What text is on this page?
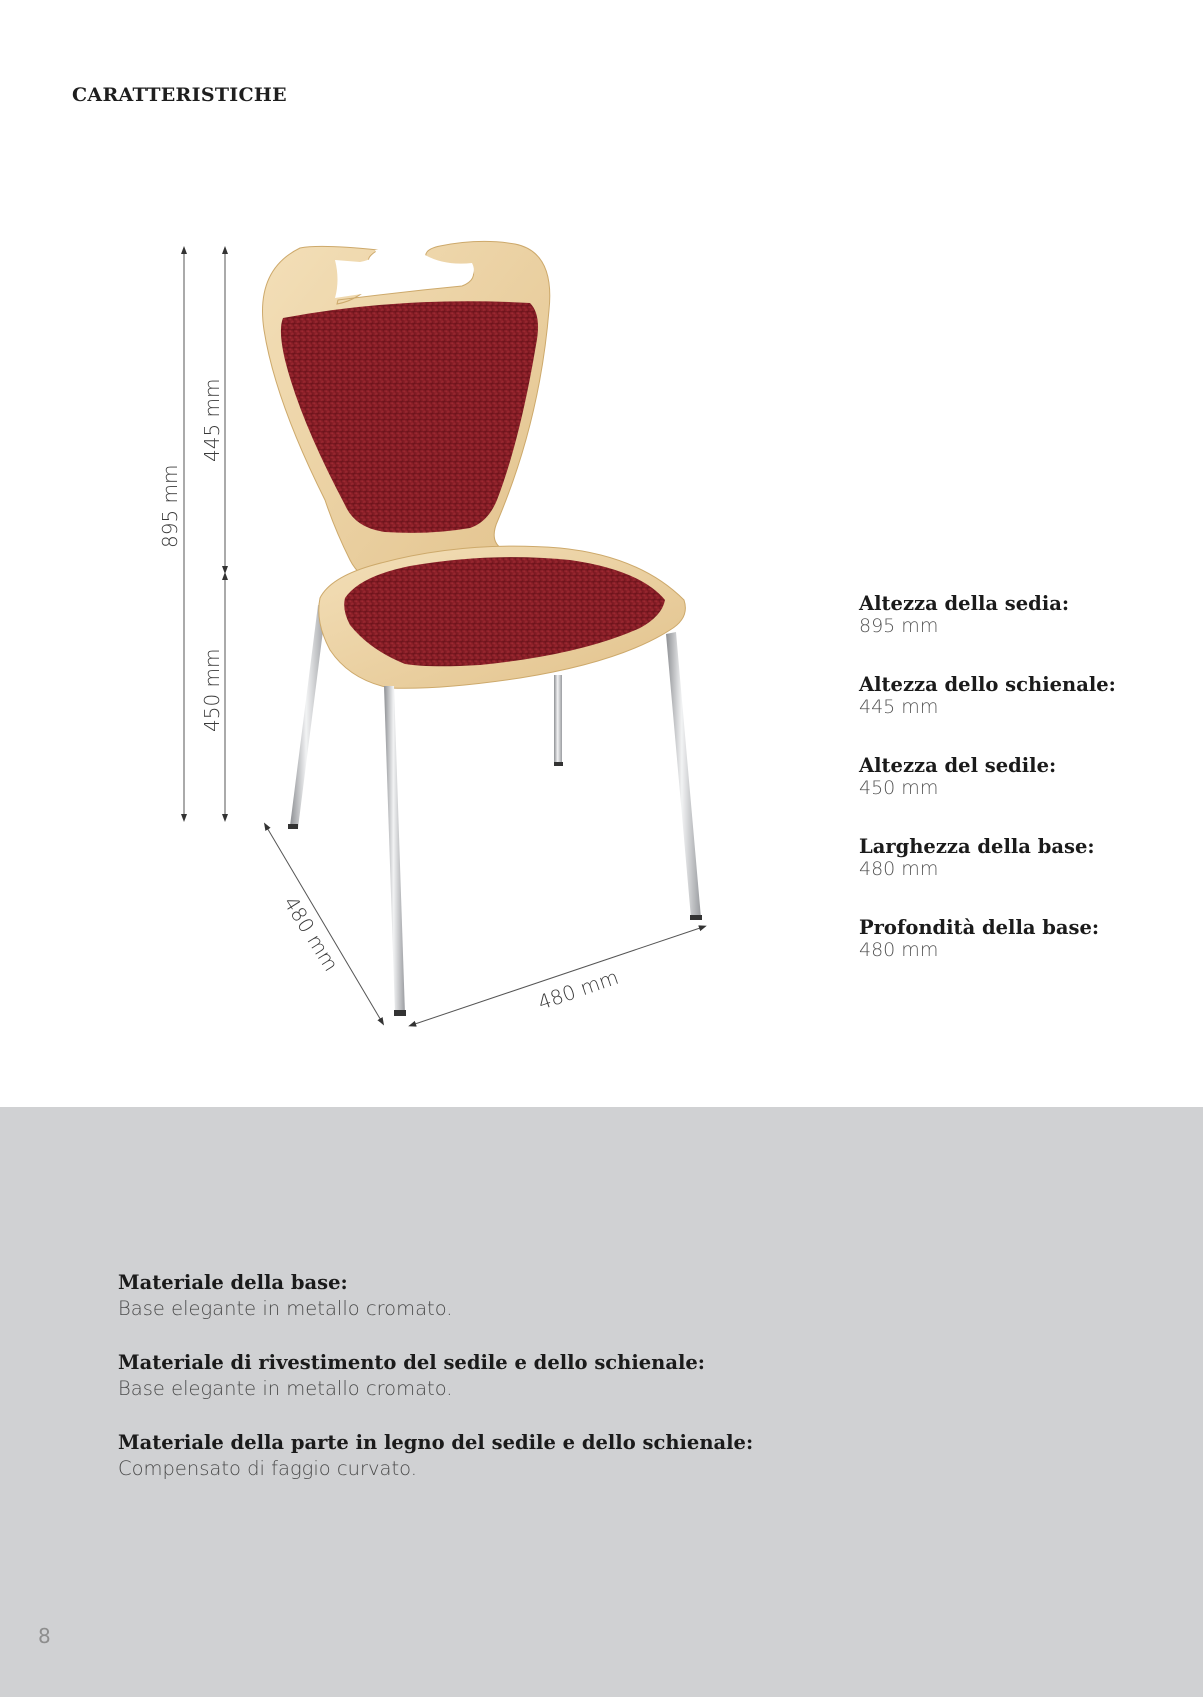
CARATTERISTICHE
895 mm
445 mm
450 mm
480 mm
480 mm
Altezza della sedia:
895 mm
Altezza dello schienale:
445 mm
Altezza del sedile:
450 mm
Larghezza della base:
480 mm
Profondità della base:
480 mm
Materiale della base:
Base elegante in metallo cromato.
Materiale di rivestimento del sedile e dello schienale:
Base elegante in metallo cromato.
Materiale della parte in legno del sedile e dello schienale:
Compensato di faggio curvato.
8
